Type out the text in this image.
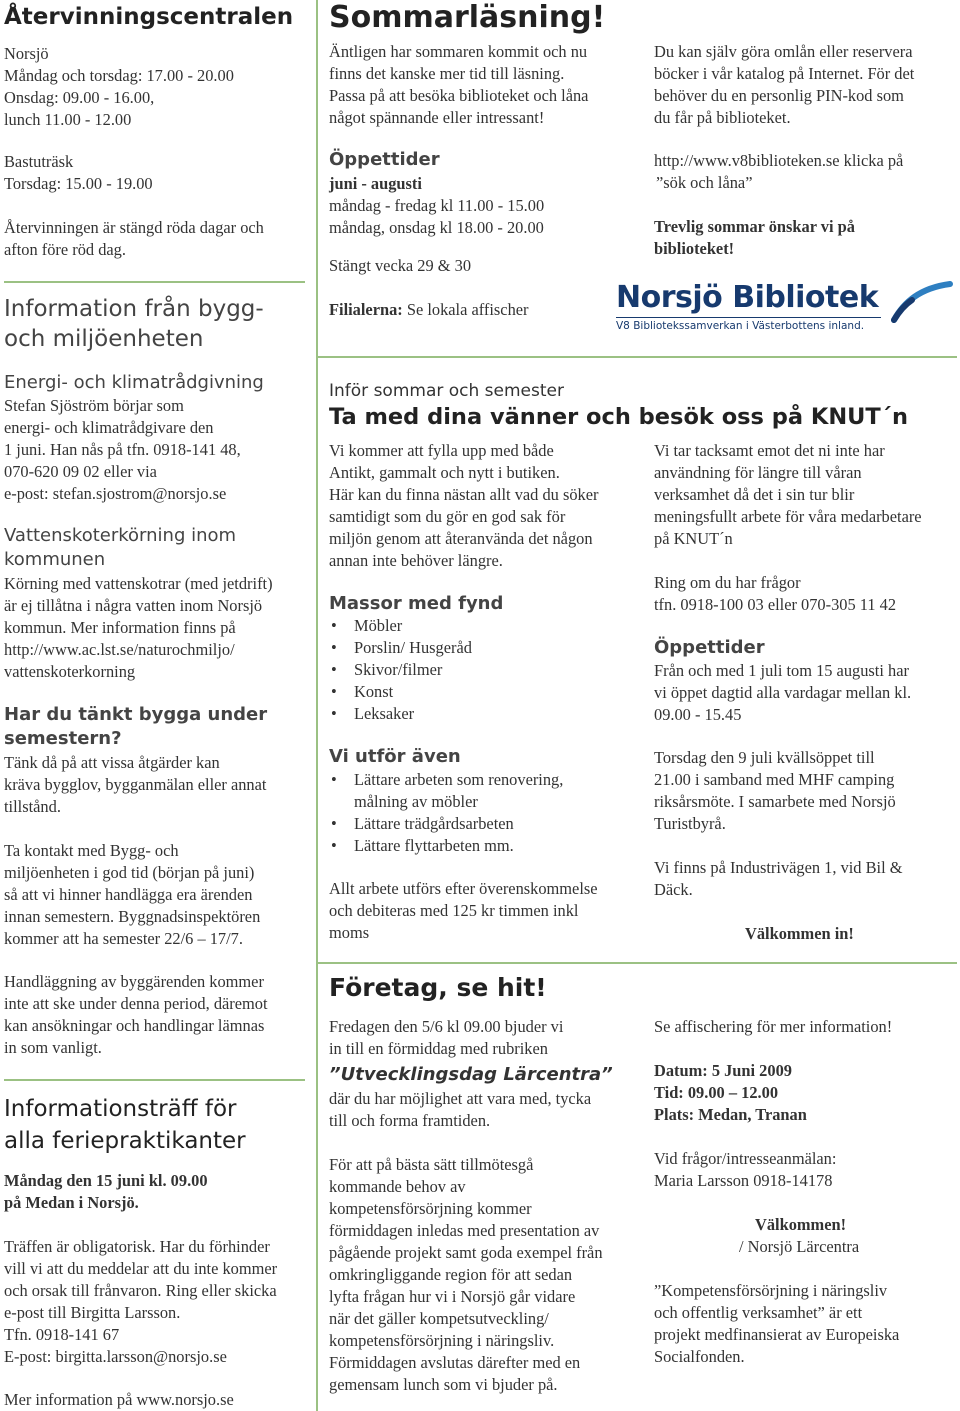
Återvinningscentralen

Norsjö

Måndag och torsdag: 17.00 - 20.00

Onsdag: 09.00 - 16.00,

lunch 11.00 - 12.00

Bastuträsk

Torsdag: 15.00 - 19.00

Återvinningen är stängd röda dagar och

afton före röd dag.

Information från bygg-

och miljöenheten

Energi- och klimatrådgivning

Stefan Sjöström börjar som

energi- och klimatrådgivare den

1 juni. Han nås på tfn. 0918-141 48,

070-620 09 02 eller via

e-post: stefan.sjostrom@norsjo.se

Vattenskoterkörning inom

kommunen

Körning med vattenskotrar (med jetdrift)

är ej tillåtna i några vatten inom Norsjö

kommun. Mer information finns på

http://www.ac.lst.se/naturochmiljo/

vattenskoterkorning

Har du tänkt bygga under

semestern?

Tänk då på att vissa åtgärder kan

kräva bygglov, bygganmälan eller annat

tillstånd.

Ta kontakt med Bygg- och

miljöenheten i god tid (början på juni)

så att vi hinner handlägga era ärenden

innan semestern. Byggnadsinspektören

kommer att ha semester 22/6 – 17/7.

Handläggning av byggärenden kommer

inte att ske under denna period, däremot

kan ansökningar och handlingar lämnas

in som vanligt.

Informationsträff för

alla feriepraktikanter

Måndag den 15 juni kl. 09.00

på Medan i Norsjö.

Träffen är obligatorisk. Har du förhinder

vill vi att du meddelar att du inte kommer

och orsak till frånvaron. Ring eller skicka

e-post till Birgitta Larsson.

Tfn. 0918-141 67

E-post: birgitta.larsson@norsjo.se

Mer information på www.norsjo.se
Sommarläsning!

Äntligen har sommaren kommit och nu

finns det kanske mer tid till läsning.

Passa på att besöka biblioteket och låna

något spännande eller intressant!

Öppettider

juni - augusti

måndag - fredag kl 11.00 - 15.00

måndag, onsdag kl 18.00 - 20.00

Stängt vecka 29 & 30

Filialerna: Se lokala affischer

Du kan själv göra omlån eller reservera

böcker i vår katalog på Internet. För det

behöver du en personlig PIN-kod som

du får på biblioteket.

http://www.v8biblioteken.se klicka på

”sök och låna”

Trevlig sommar önskar vi på

biblioteket!

Norsjö Bibliotek
V8 Bibliotekssamverkan i Västerbottens inland.
Inför sommar och semester
Ta med dina vänner och besök oss på KNUT´n

Vi kommer att fylla upp med både

Antikt, gammalt och nytt i butiken.

Här kan du finna nästan allt vad du söker

samtidigt som du gör en god sak för

miljön genom att återanvända det någon

annan inte behöver längre.

Massor med fynd
• Möbler
• Porslin/ Husgeråd
• Skivor/filmer
• Konst
• Leksaker
Vi utför även
• Lättare arbeten som renovering,
målning av möbler
• Lättare trädgårdsarbeten
• Lättare flyttarbeten mm.

Allt arbete utförs efter överenskommelse

och debiteras med 125 kr timmen inkl

moms

Vi tar tacksamt emot det ni inte har

användning för längre till våran

verksamhet då det i sin tur blir

meningsfullt arbete för våra medarbetare

på KNUT´n

Ring om du har frågor

tfn. 0918-100 03 eller 070-305 11 42

Öppettider

Från och med 1 juli tom 15 augusti har

vi öppet dagtid alla vardagar mellan kl.

09.00 - 15.45

Torsdag den 9 juli kvällsöppet till

21.00 i samband med MHF camping

riksårsmöte. I samarbete med Norsjö

Turistbyrå.

Vi finns på Industrivägen 1, vid Bil &

Däck.

Välkommen in!
Företag, se hit!

Fredagen den 5/6 kl 09.00 bjuder vi

in till en förmiddag med rubriken

”Utvecklingsdag Lärcentra”

där du har möjlighet att vara med, tycka

till och forma framtiden.

För att på bästa sätt tillmötesgå

kommande behov av

kompetensförsörjning kommer

förmiddagen inledas med presentation av

pågående projekt samt goda exempel från

omkringliggande region för att sedan

lyfta frågan hur vi i Norsjö går vidare

när det gäller kompetsutveckling/

kompetensförsörjning i näringsliv.

Förmiddagen avslutas därefter med en

gemensam lunch som vi bjuder på.

Se affischering för mer information!

Datum: 5 Juni 2009

Tid: 09.00 – 12.00

Plats: Medan, Tranan

Vid frågor/intresseanmälan:

Maria Larsson 0918-14178

Välkommen!
/ Norsjö Lärcentra

”Kompetensförsörjning i näringsliv

och offentlig verksamhet” är ett

projekt medfinansierat av Europeiska

Socialfonden.
